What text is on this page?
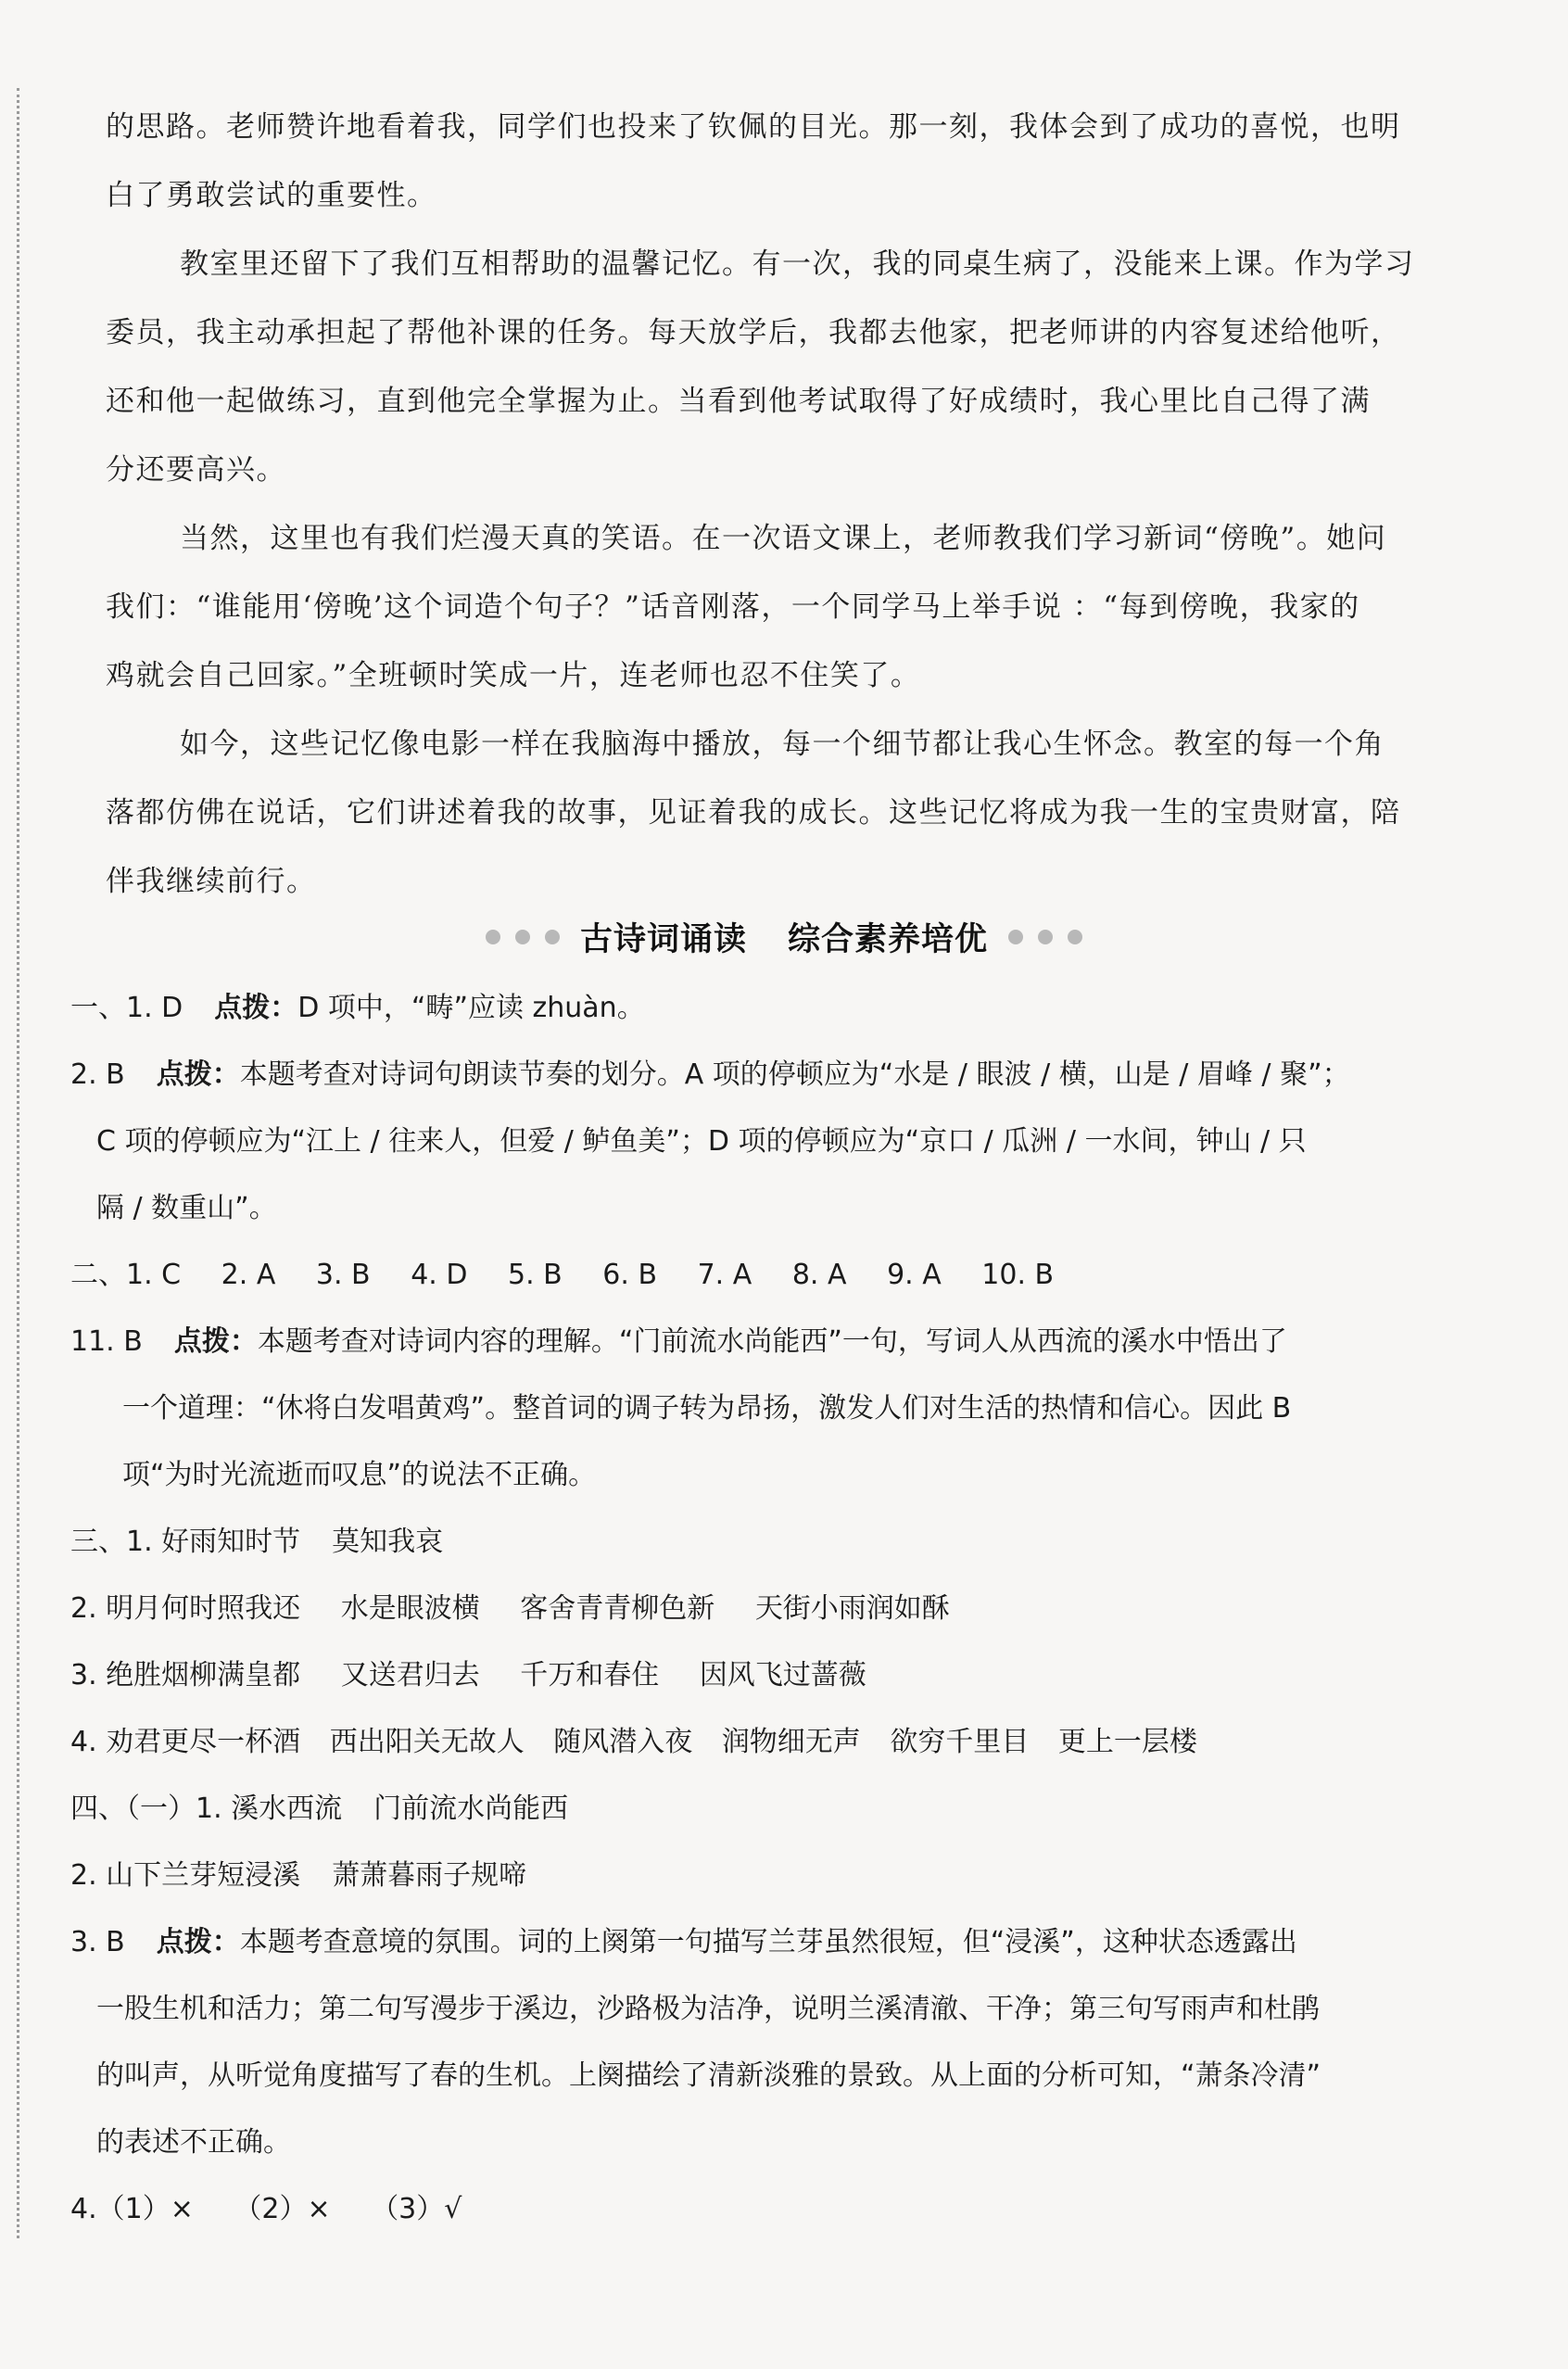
的思路。老师赞许地看着我，同学们也投来了钦佩的目光。那一刻，我体会到了成功的喜悦，也明

白了勇敢尝试的重要性。

教室里还留下了我们互相帮助的温馨记忆。有一次，我的同桌生病了，没能来上课。作为学习

委员，我主动承担起了帮他补课的任务。每天放学后，我都去他家，把老师讲的内容复述给他听，

还和他一起做练习，直到他完全掌握为止。当看到他考试取得了好成绩时，我心里比自己得了满

分还要高兴。

当然，这里也有我们烂漫天真的笑语。在一次语文课上，老师教我们学习新词“傍晚”。她问

我们：“谁能用‘傍晚’这个词造个句子？”话音刚落，一个同学马上举手说 ：“每到傍晚，我家的

鸡就会自己回家。”全班顿时笑成一片，连老师也忍不住笑了。

如今，这些记忆像电影一样在我脑海中播放，每一个细节都让我心生怀念。教室的每一个角

落都仿佛在说话，它们讲述着我的故事，见证着我的成长。这些记忆将成为我一生的宝贵财富，陪

伴我继续前行。

古诗词诵读 综合素养培优
一、1. D 点拨：D 项中，“畴”应读 zhuàn。
2. B 点拨：本题考查对诗词句朗读节奏的划分。A 项的停顿应为“水是 / 眼波 / 横，山是 / 眉峰 / 聚”；
C 项的停顿应为“江上 / 往来人，但爱 / 鲈鱼美”；D 项的停顿应为“京口 / 瓜洲 / 一水间，钟山 / 只
隔 / 数重山”。
二、1. C 2. A 3. B 4. D 5. B 6. B 7. A 8. A 9. A 10. B
11. B 点拨：本题考查对诗词内容的理解。“门前流水尚能西”一句，写词人从西流的溪水中悟出了
一个道理：“休将白发唱黄鸡”。整首词的调子转为昂扬，激发人们对生活的热情和信心。因此 B
项“为时光流逝而叹息”的说法不正确。
三、1. 好雨知时节 莫知我哀
2. 明月何时照我还 水是眼波横 客舍青青柳色新 天街小雨润如酥
3. 绝胜烟柳满皇都 又送君归去 千万和春住 因风飞过蔷薇
4. 劝君更尽一杯酒 西出阳关无故人 随风潜入夜 润物细无声 欲穷千里目 更上一层楼
四、（一）1. 溪水西流 门前流水尚能西
2. 山下兰芽短浸溪 萧萧暮雨子规啼
3. B 点拨：本题考查意境的氛围。词的上阕第一句描写兰芽虽然很短，但“浸溪”，这种状态透露出
一股生机和活力；第二句写漫步于溪边，沙路极为洁净，说明兰溪清澈、干净；第三句写雨声和杜鹃
的叫声，从听觉角度描写了春的生机。上阕描绘了清新淡雅的景致。从上面的分析可知，“萧条冷清”
的表述不正确。
4.（1）× （2）× （3）√
